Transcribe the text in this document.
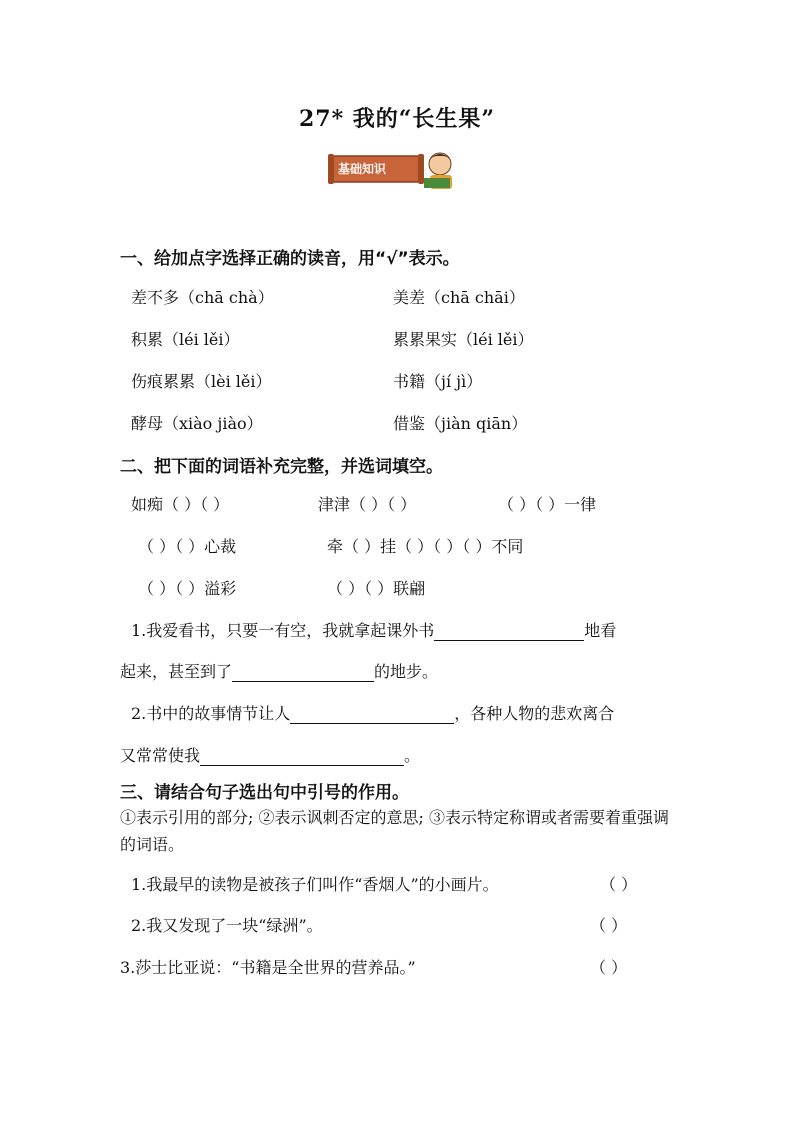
27* 我的“长生果”
基础知识
一、给加点字选择正确的读音，用“√”表示。
差不多（chā chà）	美差（chā chāi）
积累（léi lěi）	累累果实（léi lěi）
伤痕累累（lèi lěi）	书籍（jí jì）
酵母（xiào jiào）	借鉴（jiàn qiān）
二、把下面的词语补充完整，并选词填空。
如痴（ ）（ ）	津津（ ）（ ）	（ ）（ ）一律
（ ）（ ）心裁	牵（ ）挂（ ）（ ）（ ）不同
（ ）（ ）溢彩	（ ）（ ）联翩
1.我爱看书，只要一有空，我就拿起课外书	地看
起来，甚至到了	的地步。
2.书中的故事情节让人	，各种人物的悲欢离合
又常常使我	。
三、请结合句子选出句中引号的作用。
①表示引用的部分; ②表示讽刺否定的意思; ③表示特定称谓或者需要着重强调的词语。
1.我最早的读物是被孩子们叫作“香烟人”的小画片。	（ ）
2.我又发现了一块“绿洲”。	（ ）
3.莎士比亚说：“书籍是全世界的营养品。”	（ ）
